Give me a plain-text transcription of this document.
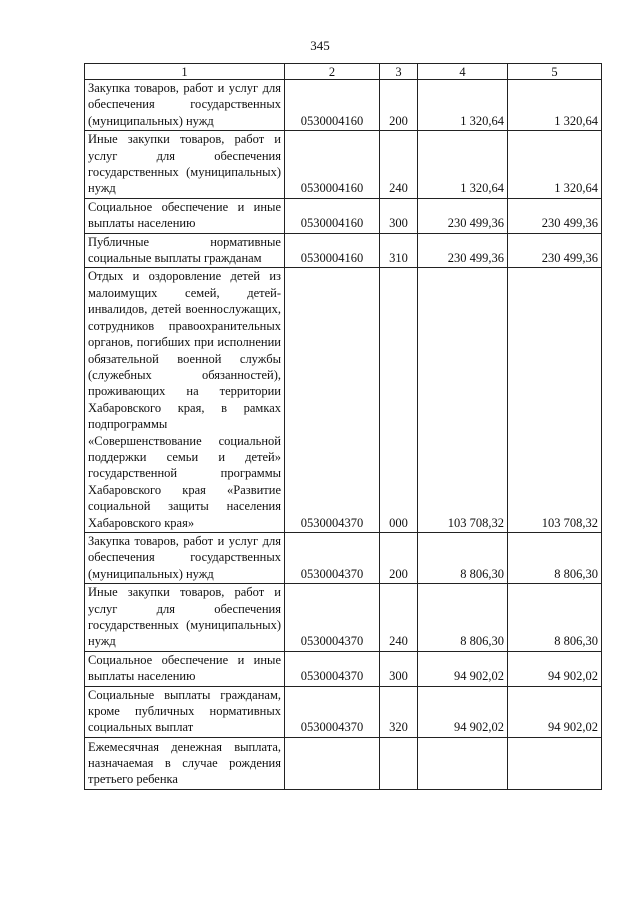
345
1	2	3	4	5
Закупка товаров, работ и услуг для обеспечения государственных (муниципальных) нужд	0530004160	200	1 320,64	1 320,64
Иные закупки товаров, работ и услуг для обеспечения государственных (муниципальных) нужд	0530004160	240	1 320,64	1 320,64
Социальное обеспечение и иные выплаты населению	0530004160	300	230 499,36	230 499,36
Публичные нормативные социальные выплаты гражданам	0530004160	310	230 499,36	230 499,36
Отдых и оздоровление детей из малоимущих семей, детей-инвалидов, детей военнослужащих, сотрудников правоохранительных органов, погибших при исполнении обязательной военной службы (служебных обязанностей), проживающих на территории Хабаровского края, в рамках подпрограммы «Совершенствование социальной поддержки семьи и детей» государственной программы Хабаровского края «Развитие социальной защиты населения Хабаровского края»	0530004370	000	103 708,32	103 708,32
Закупка товаров, работ и услуг для обеспечения государственных (муниципальных) нужд	0530004370	200	8 806,30	8 806,30
Иные закупки товаров, работ и услуг для обеспечения государственных (муниципальных) нужд	0530004370	240	8 806,30	8 806,30
Социальное обеспечение и иные выплаты населению	0530004370	300	94 902,02	94 902,02
Социальные выплаты гражданам, кроме публичных нормативных социальных выплат	0530004370	320	94 902,02	94 902,02
Ежемесячная денежная выплата, назначаемая в случае рождения третьего ребенка				
